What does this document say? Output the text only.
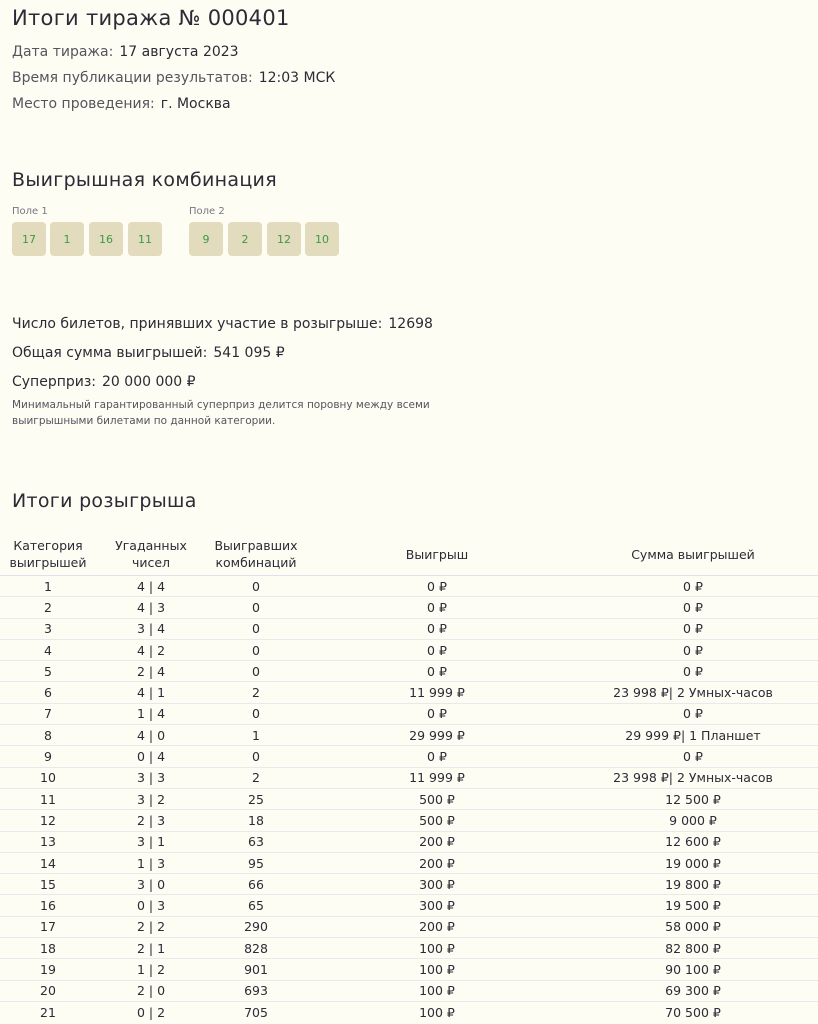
Итоги тиража № 000401
Дата тиража: 17 августа 2023
Время публикации результатов: 12:03 МСК
Место проведения: г. Москва
Выигрышная комбинация
Поле 1
17	1	16	11
Поле 2
9	2	12	10
Число билетов, принявших участие в розыгрыше: 12698
Общая сумма выигрышей: 541 095 ₽
Суперприз: 20 000 000 ₽
Минимальный гарантированный суперприз делится поровну между всеми выигрышными билетами по данной категории.
Итоги розыгрыша
Категория выигрышей	Угаданных чисел	Выигравших комбинаций	Выигрыш	Сумма выигрышей
1	4 | 4	0	0 ₽	0 ₽
2	4 | 3	0	0 ₽	0 ₽
3	3 | 4	0	0 ₽	0 ₽
4	4 | 2	0	0 ₽	0 ₽
5	2 | 4	0	0 ₽	0 ₽
6	4 | 1	2	11 999 ₽	23 998 ₽| 2 Умных-часов
7	1 | 4	0	0 ₽	0 ₽
8	4 | 0	1	29 999 ₽	29 999 ₽| 1 Планшет
9	0 | 4	0	0 ₽	0 ₽
10	3 | 3	2	11 999 ₽	23 998 ₽| 2 Умных-часов
11	3 | 2	25	500 ₽	12 500 ₽
12	2 | 3	18	500 ₽	9 000 ₽
13	3 | 1	63	200 ₽	12 600 ₽
14	1 | 3	95	200 ₽	19 000 ₽
15	3 | 0	66	300 ₽	19 800 ₽
16	0 | 3	65	300 ₽	19 500 ₽
17	2 | 2	290	200 ₽	58 000 ₽
18	2 | 1	828	100 ₽	82 800 ₽
19	1 | 2	901	100 ₽	90 100 ₽
20	2 | 0	693	100 ₽	69 300 ₽
21	0 | 2	705	100 ₽	70 500 ₽
